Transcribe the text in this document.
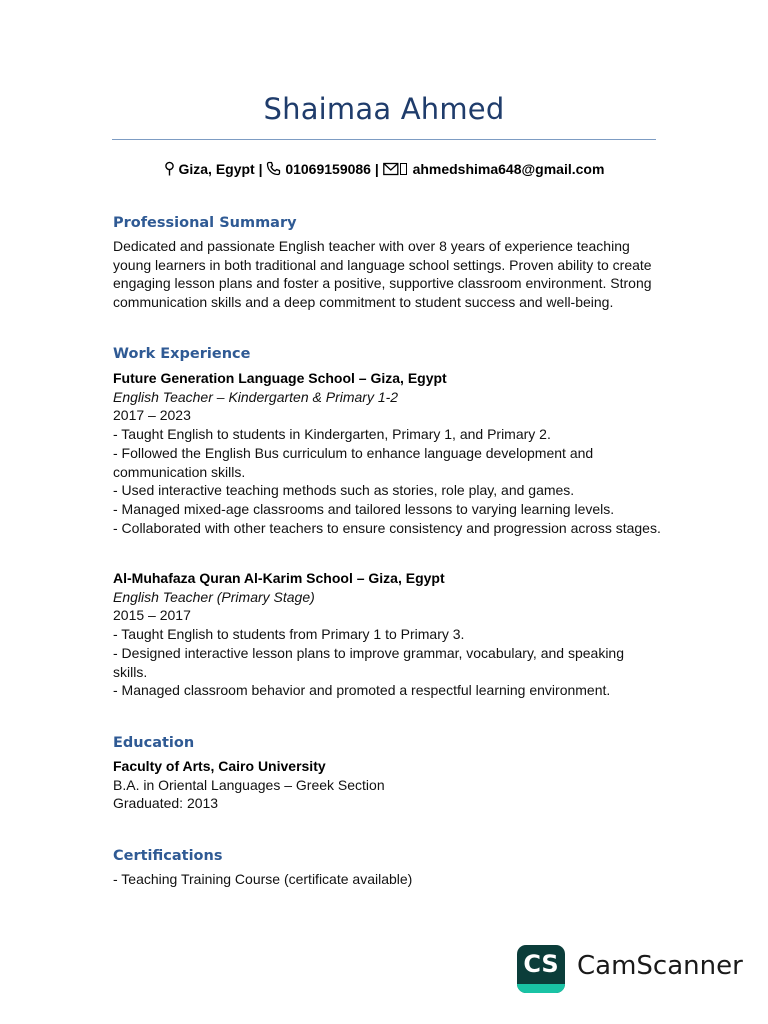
Shaimaa Ahmed
Giza, Egypt |  01069159086 |  ahmedshima648@gmail.com
Professional Summary
Dedicated and passionate English teacher with over 8 years of experience teaching
young learners in both traditional and language school settings. Proven ability to create
engaging lesson plans and foster a positive, supportive classroom environment. Strong
communication skills and a deep commitment to student success and well-being.
Work Experience
Future Generation Language School – Giza, Egypt
English Teacher – Kindergarten & Primary 1-2
2017 – 2023
- Taught English to students in Kindergarten, Primary 1, and Primary 2.
- Followed the English Bus curriculum to enhance language development and
communication skills.
- Used interactive teaching methods such as stories, role play, and games.
- Managed mixed-age classrooms and tailored lessons to varying learning levels.
- Collaborated with other teachers to ensure consistency and progression across stages.
Al-Muhafaza Quran Al-Karim School – Giza, Egypt
English Teacher (Primary Stage)
2015 – 2017
- Taught English to students from Primary 1 to Primary 3.
- Designed interactive lesson plans to improve grammar, vocabulary, and speaking
skills.
- Managed classroom behavior and promoted a respectful learning environment.
Education
Faculty of Arts, Cairo University
B.A. in Oriental Languages – Greek Section
Graduated: 2013
Certifications
- Teaching Training Course (certificate available)
CS CamScanner
